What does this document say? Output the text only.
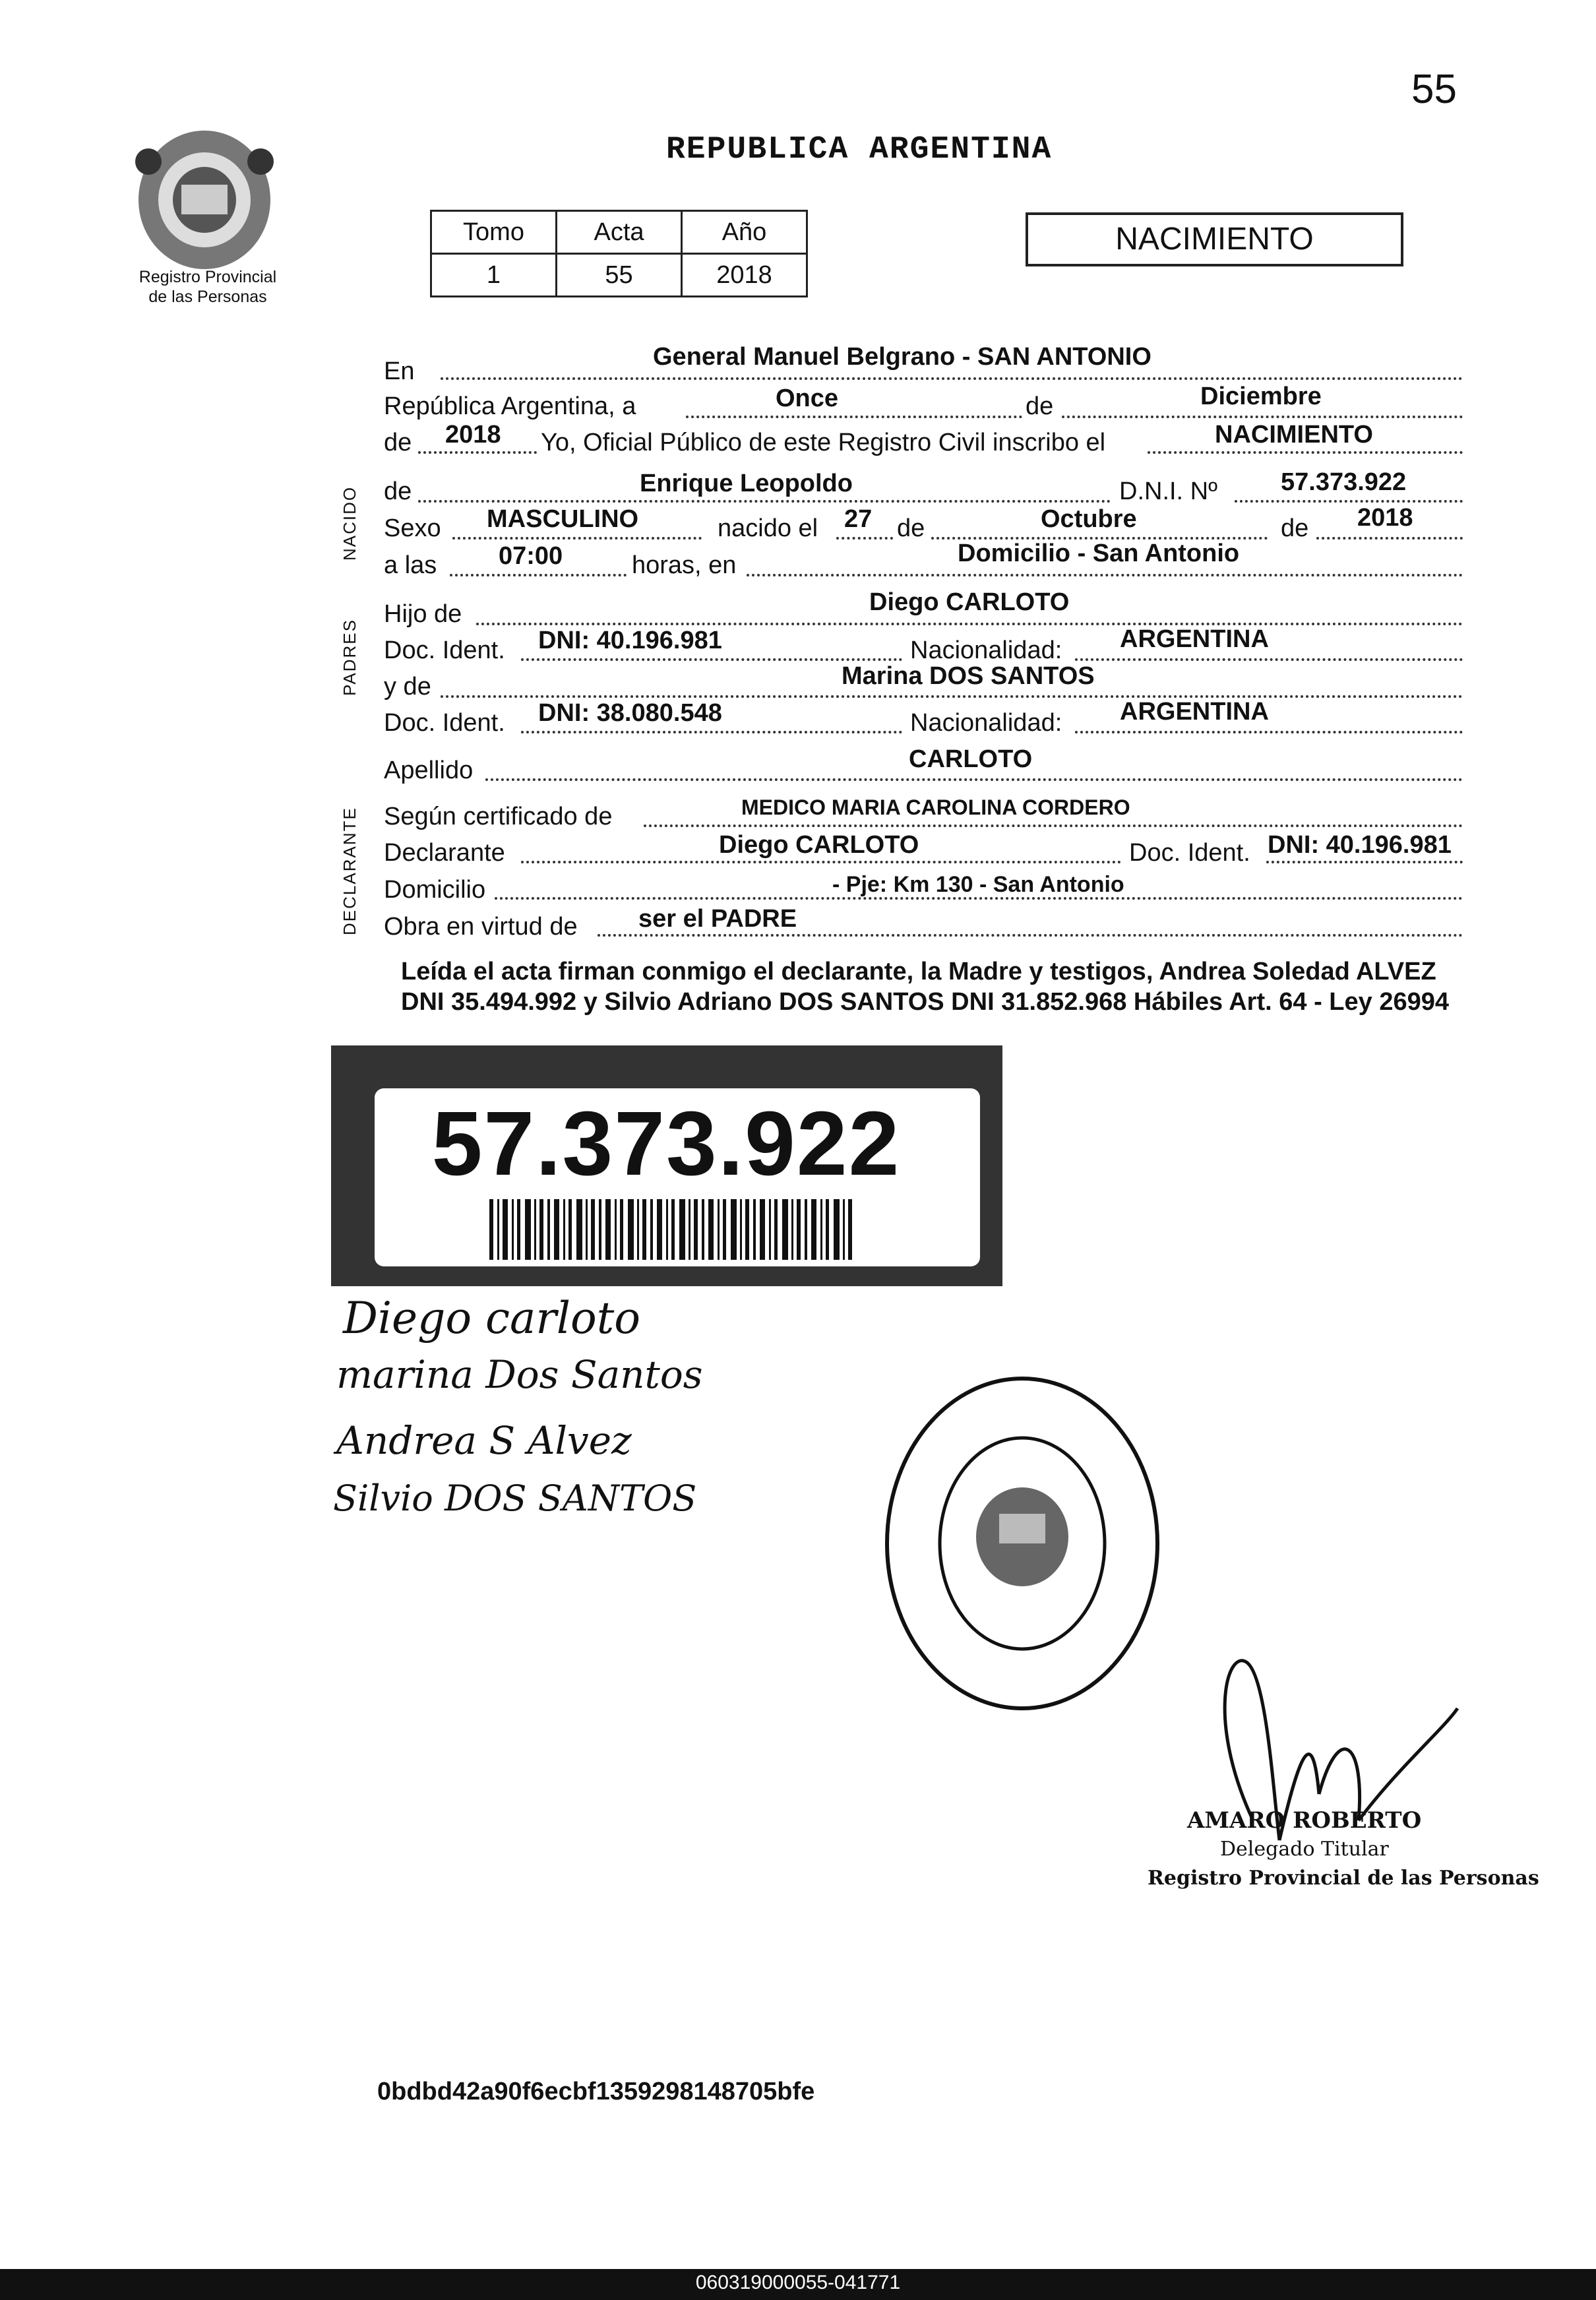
55
Registro Provincial
de las Personas
REPUBLICA ARGENTINA
Tomo	Acta	Año
1	55	2018
NACIMIENTO
En
General Manuel Belgrano - SAN ANTONIO
República Argentina, a	Once	de	Diciembre
de 2018 Yo, Oficial Público de este Registro Civil inscribo el	NACIMIENTO
NACIDO de	Enrique Leopoldo	D.N.I. Nº	57.373.922
Sexo MASCULINO	nacido el 27 de	Octubre	de 2018
a las 07:00	horas, en	Domicilio - San Antonio
PADRES
Hijo de	Diego CARLOTO
Doc. Ident. DNI: 40.196.981	Nacionalidad: ARGENTINA
y de	Marina DOS SANTOS
Doc. Ident. DNI: 38.080.548	Nacionalidad: ARGENTINA
Apellido	CARLOTO
DECLARANTE Según certificado de	MEDICO MARIA CAROLINA CORDERO
Declarante	Diego CARLOTO	Doc. Ident. DNI: 40.196.981
Domicilio	- Pje: Km 130 - San Antonio
Obra en virtud de ser el PADRE
Leída el acta firman conmigo el declarante, la Madre y testigos, Andrea Soledad ALVEZ DNI 35.494.992 y Silvio Adriano DOS SANTOS DNI 31.852.968 Hábiles Art. 64 - Ley 26994
57.373.922
Diego carloto
marina Dos Santos
Andrea S Alvez
Silvio DOS SANTOS
AMARO ROBERTO
Delegado Titular
Registro Provincial de las Personas
0bdbd42a90f6ecbf1359298148705bfe
060319000055-041771
